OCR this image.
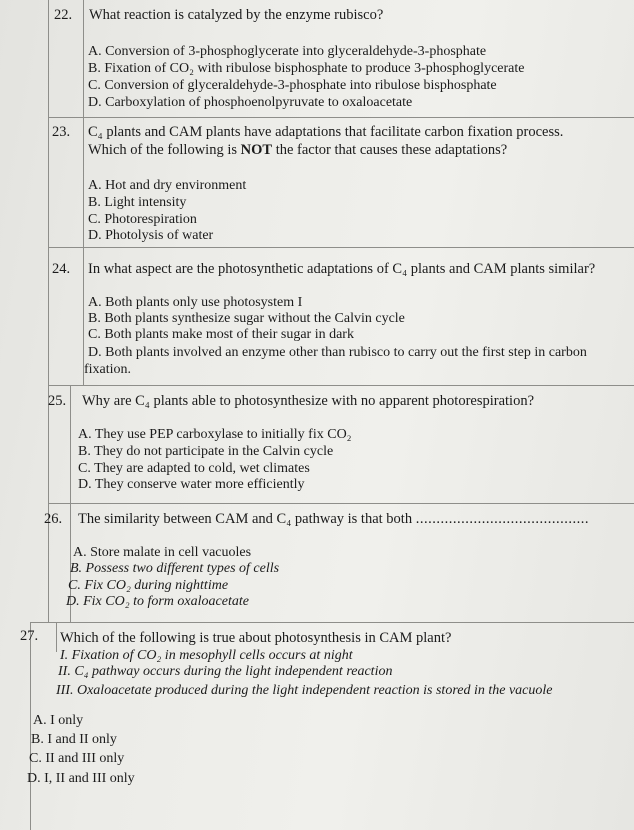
22. What reaction is catalyzed by the enzyme rubisco?
A. Conversion of 3-phosphoglycerate into glyceraldehyde-3-phosphate
B. Fixation of CO₂ with ribulose bisphosphate to produce 3-phosphoglycerate
C. Conversion of glyceraldehyde-3-phosphate into ribulose bisphosphate
D. Carboxylation of phosphoenolpyruvate to oxaloacetate
23. C₄ plants and CAM plants have adaptations that facilitate carbon fixation process.
Which of the following is NOT the factor that causes these adaptations?
A. Hot and dry environment
B. Light intensity
C. Photorespiration
D. Photolysis of water
24. In what aspect are the photosynthetic adaptations of C₄ plants and CAM plants similar?
A. Both plants only use photosystem I
B. Both plants synthesize sugar without the Calvin cycle
C. Both plants make most of their sugar in dark
D. Both plants involved an enzyme other than rubisco to carry out the first step in carbon
fixation.
25. Why are C₄ plants able to photosynthesize with no apparent photorespiration?
A. They use PEP carboxylase to initially fix CO₂
B. They do not participate in the Calvin cycle
C. They are adapted to cold, wet climates
D. They conserve water more efficiently
26. The similarity between CAM and C₄ pathway is that both ..........................................
A. Store malate in cell vacuoles
B. Possess two different types of cells
C. Fix CO₂ during nighttime
D. Fix CO₂ to form oxaloacetate
27. Which of the following is true about photosynthesis in CAM plant?
I. Fixation of CO₂ in mesophyll cells occurs at night
II. C₄ pathway occurs during the light independent reaction
III. Oxaloacetate produced during the light independent reaction is stored in the vacuole
A. I only
B. I and II only
C. II and III only
D. I, II and III only
